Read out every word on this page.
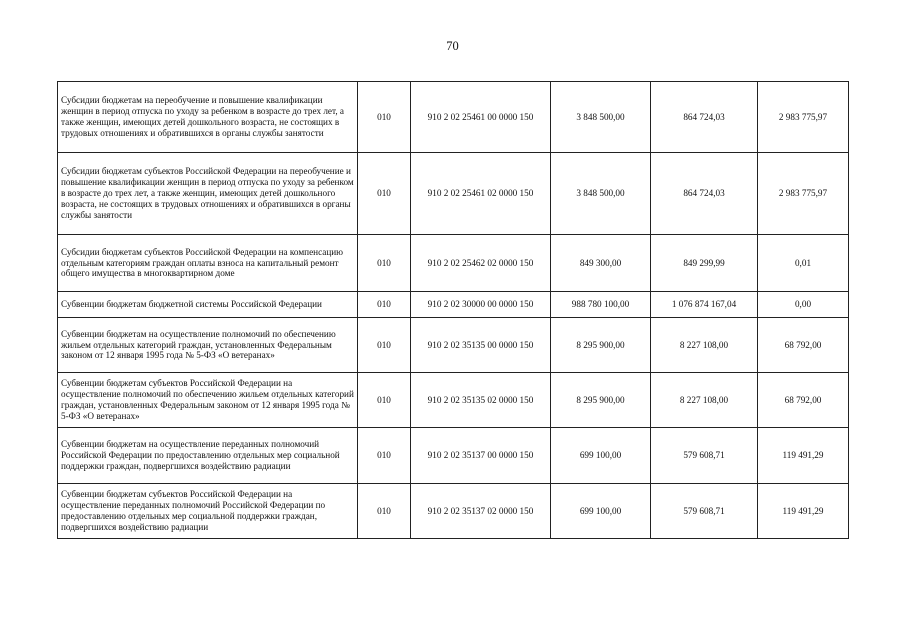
70
Субсидии бюджетам на переобучение и повышение квалификации женщин в период отпуска по уходу за ребенком в возрасте до трех лет, а также женщин, имеющих детей дошкольного возраста, не состоящих в трудовых отношениях и обратившихся в органы службы занятости	010	910 2 02 25461 00 0000 150	3 848 500,00	864 724,03	2 983 775,97
Субсидии бюджетам субъектов Российской Федерации на переобучение и повышение квалификации женщин в период отпуска по уходу за ребенком в возрасте до трех лет, а также женщин, имеющих детей дошкольного возраста, не состоящих в трудовых отношениях и обратившихся в органы службы занятости	010	910 2 02 25461 02 0000 150	3 848 500,00	864 724,03	2 983 775,97
Субсидии бюджетам субъектов Российской Федерации на компенсацию отдельным категориям граждан оплаты взноса на капитальный ремонт общего имущества в многоквартирном доме	010	910 2 02 25462 02 0000 150	849 300,00	849 299,99	0,01
Субвенции бюджетам бюджетной системы Российской Федерации	010	910 2 02 30000 00 0000 150	988 780 100,00	1 076 874 167,04	0,00
Субвенции бюджетам на осуществление полномочий по обеспечению жильем отдельных категорий граждан, установленных Федеральным законом от 12 января 1995 года № 5-ФЗ «О ветеранах»	010	910 2 02 35135 00 0000 150	8 295 900,00	8 227 108,00	68 792,00
Субвенции бюджетам субъектов Российской Федерации на осуществление полномочий по обеспечению жильем отдельных категорий граждан, установленных Федеральным законом от 12 января 1995 года № 5-ФЗ «О ветеранах»	010	910 2 02 35135 02 0000 150	8 295 900,00	8 227 108,00	68 792,00
Субвенции бюджетам на осуществление переданных полномочий Российской Федерации по предоставлению отдельных мер социальной поддержки граждан, подвергшихся воздействию радиации	010	910 2 02 35137 00 0000 150	699 100,00	579 608,71	119 491,29
Субвенции бюджетам субъектов Российской Федерации на осуществление переданных полномочий Российской Федерации по предоставлению отдельных мер социальной поддержки граждан, подвергшихся воздействию радиации	010	910 2 02 35137 02 0000 150	699 100,00	579 608,71	119 491,29
